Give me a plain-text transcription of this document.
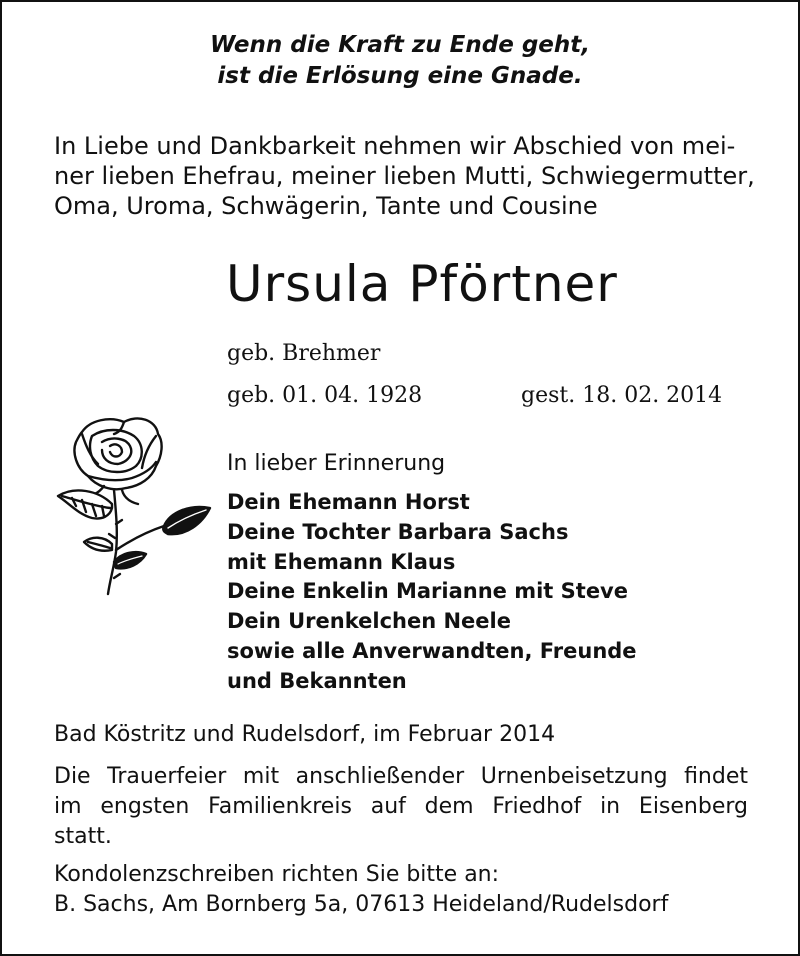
Wenn die Kraft zu Ende geht,
ist die Erlösung eine Gnade.

In Liebe und Dankbarkeit nehmen wir Abschied von mei-
ner lieben Ehefrau, meiner lieben Mutti, Schwiegermutter,
Oma, Uroma, Schwägerin, Tante und Cousine

Ursula Pförtner
geb. Brehmer
geb. 01. 04. 1928	gest. 18. 02. 2014
In lieber Erinnerung
Dein Ehemann Horst
Deine Tochter Barbara Sachs
mit Ehemann Klaus
Deine Enkelin Marianne mit Steve
Dein Urenkelchen Neele
sowie alle Anverwandten, Freunde
und Bekannten
Bad Köstritz und Rudelsdorf, im Februar 2014
Die Trauerfeier mit anschließender Urnenbeisetzung findet
im engsten Familienkreis auf dem Friedhof in Eisenberg
statt.
Kondolenzschreiben richten Sie bitte an:
B. Sachs, Am Bornberg 5a, 07613 Heideland/Rudelsdorf
